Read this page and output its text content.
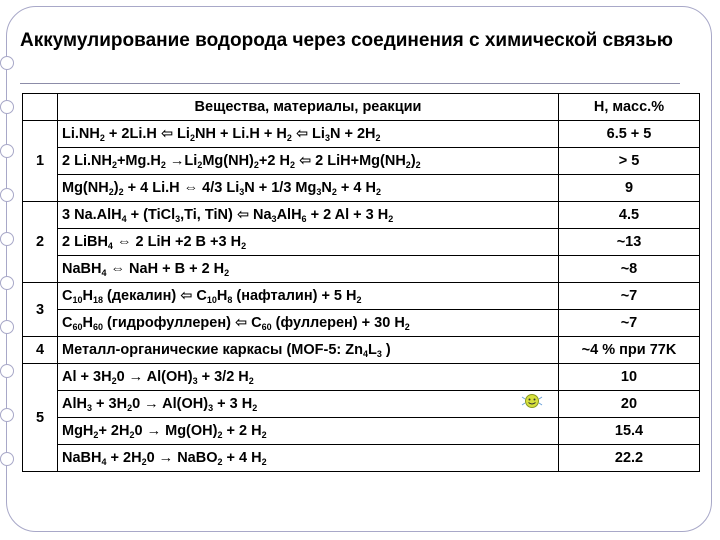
Аккумулирование водорода через соединения с химической связью
	Вещества, материалы, реакции	H, масс.%
1	$Li.NH_2 + 2Li.H$ ⇦ $Li_2NH + Li.H + H_2$ ⇦ $Li_3N + 2H_2$	6.5 + 5
	2 $Li.NH_2+Mg.H_2 \to Li_2Mg(NH)_2+2$ $H_2$ ⇦ 2 $LiH+Mg(NH_2)_2$	> 5
	$Mg(NH_2)_2 + 4$ Li.H ⇔ 4/3 $Li_3N + 1/3$ $Mg_3N_2 + 4$ $H_2$	9
2	3 Na.AlH$_4$ + (TiCl$_3$,Ti, TiN) ⇦ $Na_3AlH_6 + 2$ Al + 3 $H_2$	4.5
	2 LiBH$_4$ ⇔ 2 LiH +2 B +3 $H_2$	~13
	NaBH$_4$ ⇔ NaH + B + 2 $H_2$	~8
3	$C_{10}H_{18}$ (декалин) ⇦ $C_{10}H_8$ (нафталин) + 5 $H_2$	~7
	$C_{60}H_{60}$ (гидрофуллерен) ⇦ $C_{60}$ (фуллерен) + 30 $H_2$	~7
4	Металл-органические каркасы (MOF-5: $Zn_4L_3$ )	~4 % при 77K
5	$Al + 3H_20 \to Al(OH)_3 + 3/2$ $H_2$	10
	$AlH_3 + 3H_20 \to Al(OH)_3 + 3$ $H_2$	20
	$MgH_2+ 2H_20 \to Mg(OH)_2 + 2$ $H_2$	15.4
	NaBH$_4$ + $2H_20$ → NaBO$_2$ + 4 $H_2$	22.2
